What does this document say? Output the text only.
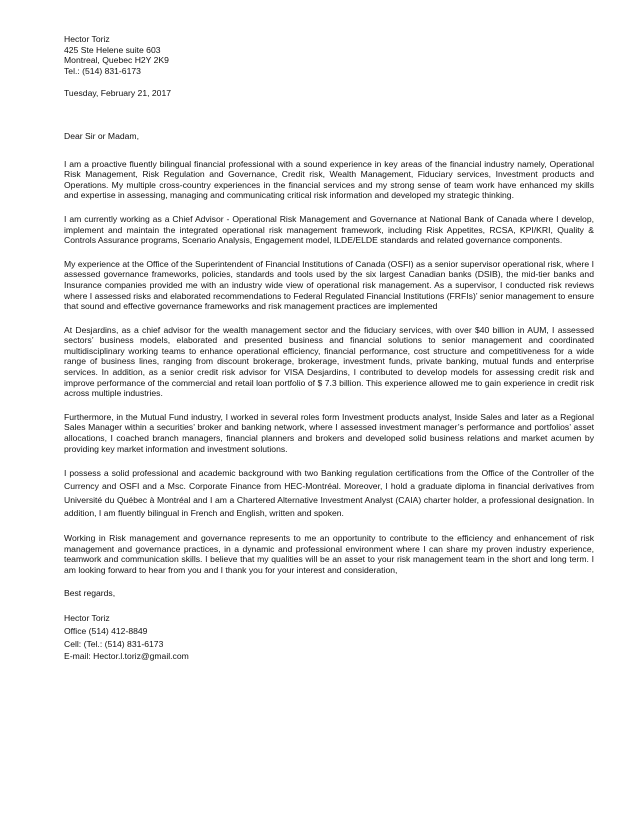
Hector Toriz
425 Ste Helene suite 603
Montreal, Quebec H2Y 2K9
Tel.: (514) 831-6173
Tuesday, February 21, 2017
Dear Sir or Madam,

I am a proactive fluently bilingual financial professional with a sound experience in key areas of the financial industry namely, Operational Risk Management, Risk Regulation and Governance, Credit risk, Wealth Management, Fiduciary services, Investment products and Operations. My multiple cross-country experiences in the financial services and my strong sense of team work have enhanced my skills and expertise in assessing, managing and communicating critical risk information and developed my strategic thinking.

I am currently working as a Chief Advisor - Operational Risk Management and Governance at National Bank of Canada where I develop, implement and maintain the integrated operational risk management framework, including Risk Appetites, RCSA, KPI/KRI, Quality & Controls Assurance programs, Scenario Analysis, Engagement model, ILDE/ELDE standards and related governance components.

My experience at the Office of the Superintendent of Financial Institutions of Canada (OSFI) as a senior supervisor operational risk, where I assessed governance frameworks, policies, standards and tools used by the six largest Canadian banks (DSIB), the mid-tier banks and Insurance companies provided me with an industry wide view of operational risk management. As a supervisor, I conducted risk reviews where I assessed risks and elaborated recommendations to Federal Regulated Financial Institutions (FRFIs)’ senior management to ensure that sound and effective governance frameworks and risk management practices are implemented

At Desjardins, as a chief advisor for the wealth management sector and the fiduciary services, with over $40 billion in AUM, I assessed sectors’ business models, elaborated and presented business and financial solutions to senior management and coordinated multidisciplinary working teams to enhance operational efficiency, financial performance, cost structure and competitiveness for a wide range of business lines, ranging from discount brokerage, brokerage, investment funds, private banking, mutual funds and enterprise services. In addition, as a senior credit risk advisor for VISA Desjardins, I contributed to develop models for assessing credit risk and improve performance of the commercial and retail loan portfolio of $ 7.3 billion. This experience allowed me to gain experience in credit risk across multiple industries.

Furthermore, in the Mutual Fund industry, I worked in several roles form Investment products analyst, Inside Sales and later as a Regional Sales Manager within a securities’ broker and banking network, where I assessed investment manager’s performance and portfolios’ asset allocations, I coached branch managers, financial planners and brokers and developed solid business relations and market acumen by providing key market information and investment solutions.

I possess a solid professional and academic background with two Banking regulation certifications from the Office of the Controller of the Currency and OSFI and a Msc. Corporate Finance from HEC-Montréal. Moreover, I hold a graduate diploma in financial derivatives from Université du Québec à Montréal and I am a Chartered Alternative Investment Analyst (CAIA) charter holder, a professional designation. In addition, I am fluently bilingual in French and English, written and spoken.

Working in Risk management and governance represents to me an opportunity to contribute to the efficiency and enhancement of risk management and governance practices, in a dynamic and professional environment where I can share my proven industry experience, teamwork and communication skills. I believe that my qualities will be an asset to your risk management team in the short and long term. I am looking forward to hear from you and I thank you for your interest and consideration,

Best regards,
Hector Toriz
Office (514) 412-8849
Cell: (Tel.: (514) 831-6173
E-mail: Hector.l.toriz@gmail.com
